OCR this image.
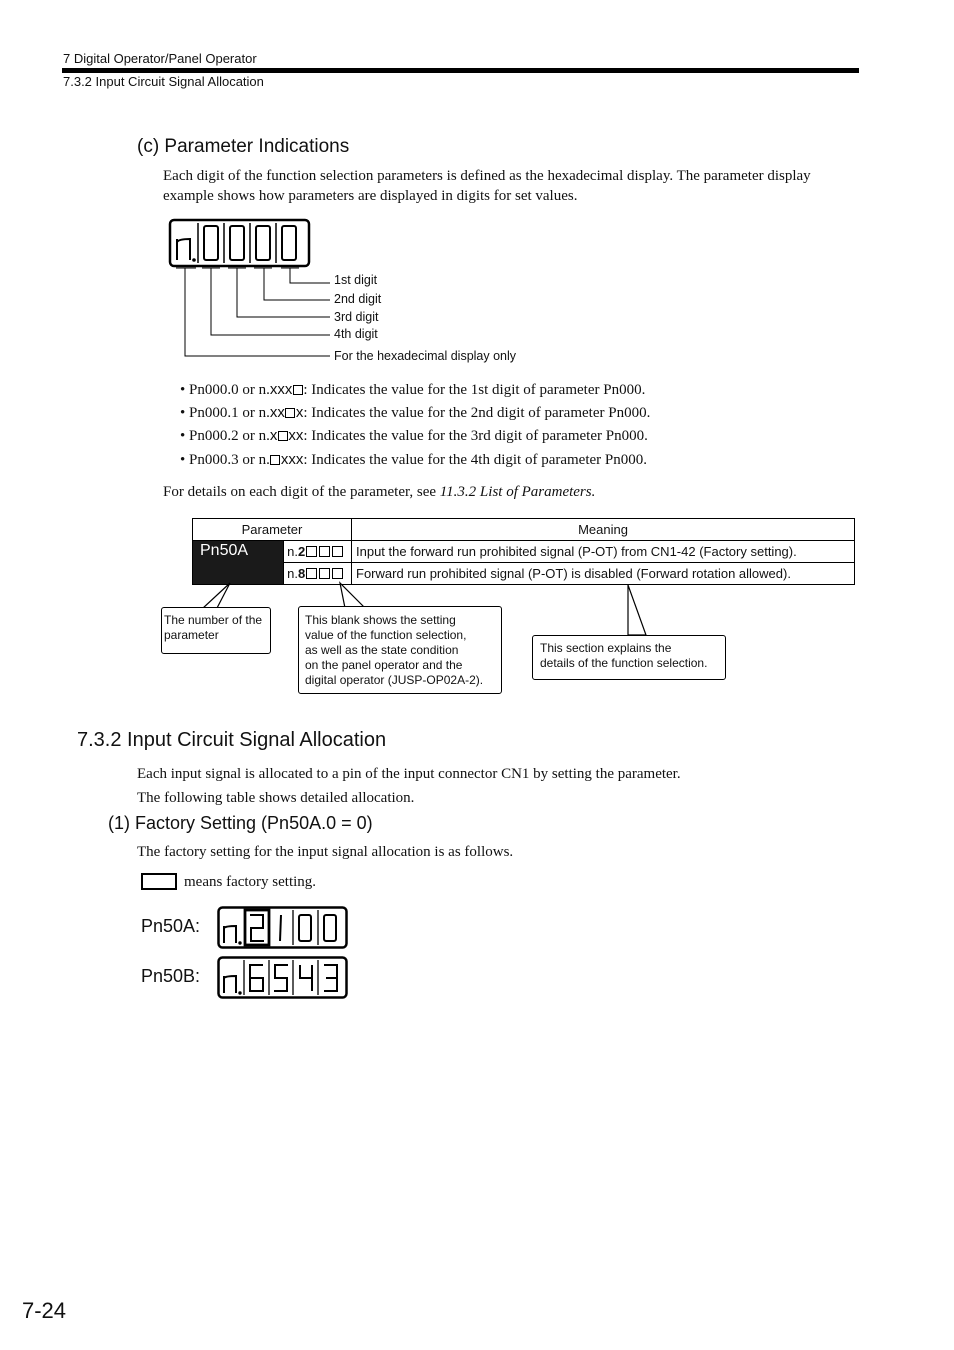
7 Digital Operator/Panel Operator
7.3.2 Input Circuit Signal Allocation
(c) Parameter Indications
Each digit of the function selection parameters is defined as the hexadecimal display. The parameter display
example shows how parameters are displayed in digits for set values.
1st digit
2nd digit
3rd digit
4th digit
For the hexadecimal display only
• Pn000.0 or n.xxx : Indicates the value for the 1st digit of parameter Pn000.
• Pn000.1 or n.xx x: Indicates the value for the 2nd digit of parameter Pn000.
• Pn000.2 or n.x xx: Indicates the value for the 3rd digit of parameter Pn000.
• Pn000.3 or n. xxx: Indicates the value for the 4th digit of parameter Pn000.
For details on each digit of the parameter, see 11.3.2 List of Parameters.
Parameter		Meaning
Pn50A	n.2	Input the forward run prohibited signal (P-OT) from CN1-42 (Factory setting).
	n.8	Forward run prohibited signal (P-OT) is disabled (Forward rotation allowed).
The number of the
parameter
This blank shows the setting
value of the function selection,
as well as the state condition
on the panel operator and the
digital operator (JUSP-OP02A-2).
This section explains the
details of the function selection.
7.3.2 Input Circuit Signal Allocation
Each input signal is allocated to a pin of the input connector CN1 by setting the parameter.
The following table shows detailed allocation.
(1) Factory Setting (Pn50A.0 = 0)
The factory setting for the input signal allocation is as follows.
means factory setting.
Pn50A:
Pn50B:
7-24
